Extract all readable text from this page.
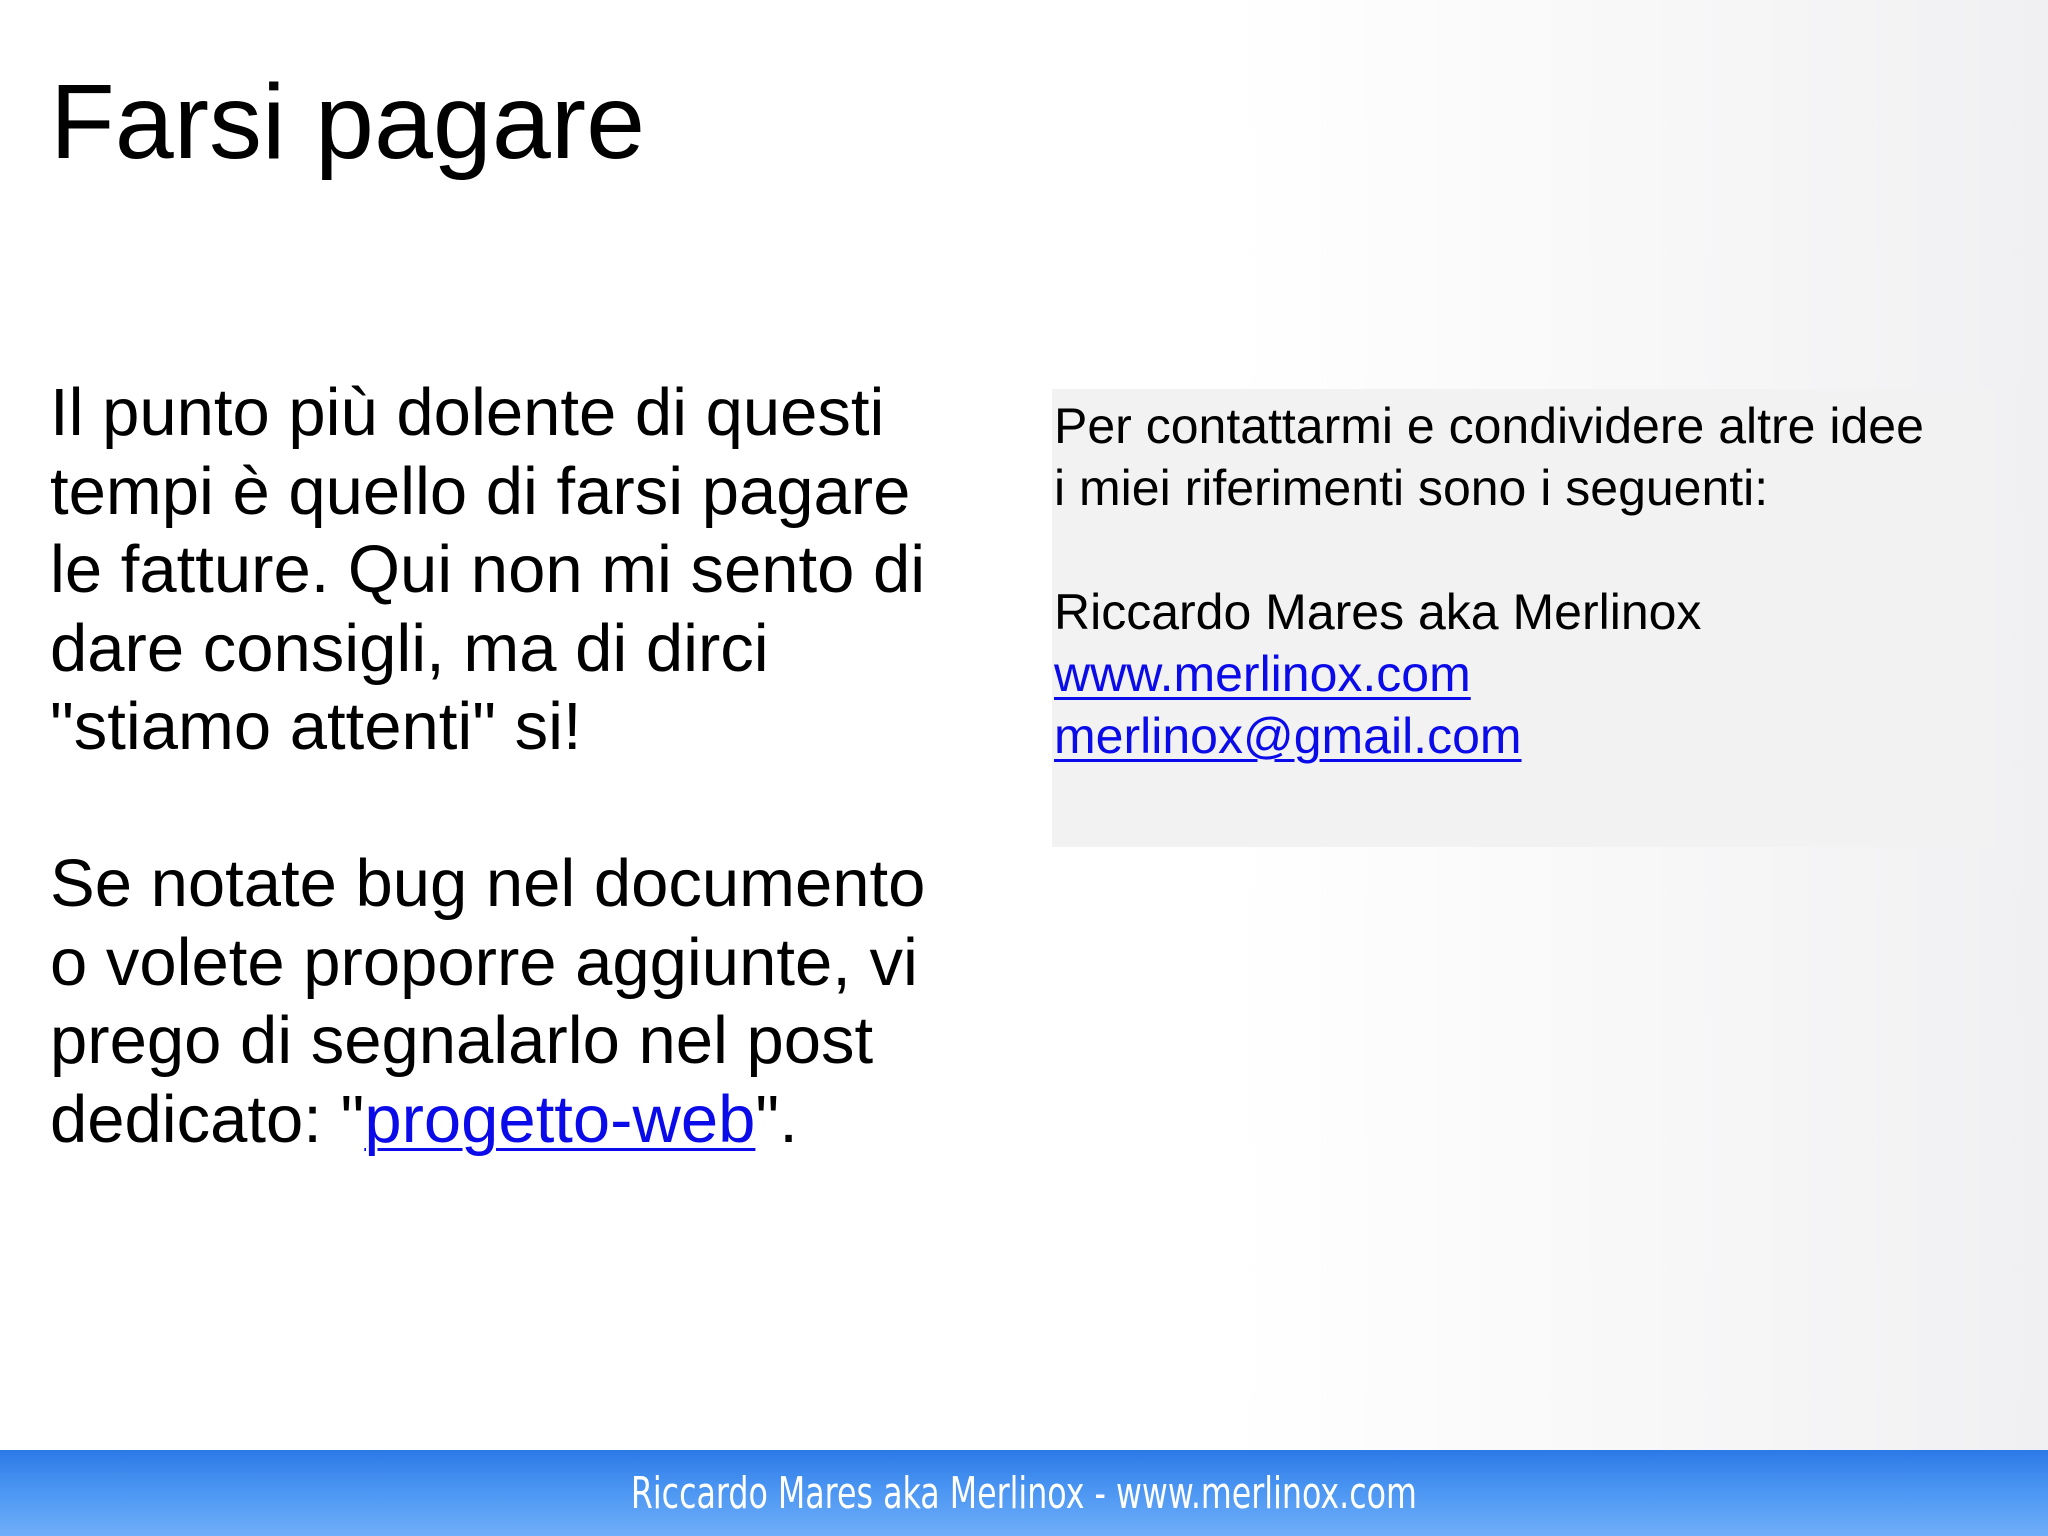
Farsi pagare

Il punto più dolente di questi

tempi è quello di farsi pagare

le fatture. Qui non mi sento di

dare consigli, ma di dirci

"stiamo attenti" si!

Se notate bug nel documento

o volete proporre aggiunte, vi

prego di segnalarlo nel post

dedicato: "progetto-web".

Per contattarmi e condividere altre idee
i miei riferimenti sono i seguenti:
Riccardo Mares aka Merlinox
www.merlinox.com
merlinox@gmail.com
Riccardo Mares aka Merlinox - www.merlinox.com
